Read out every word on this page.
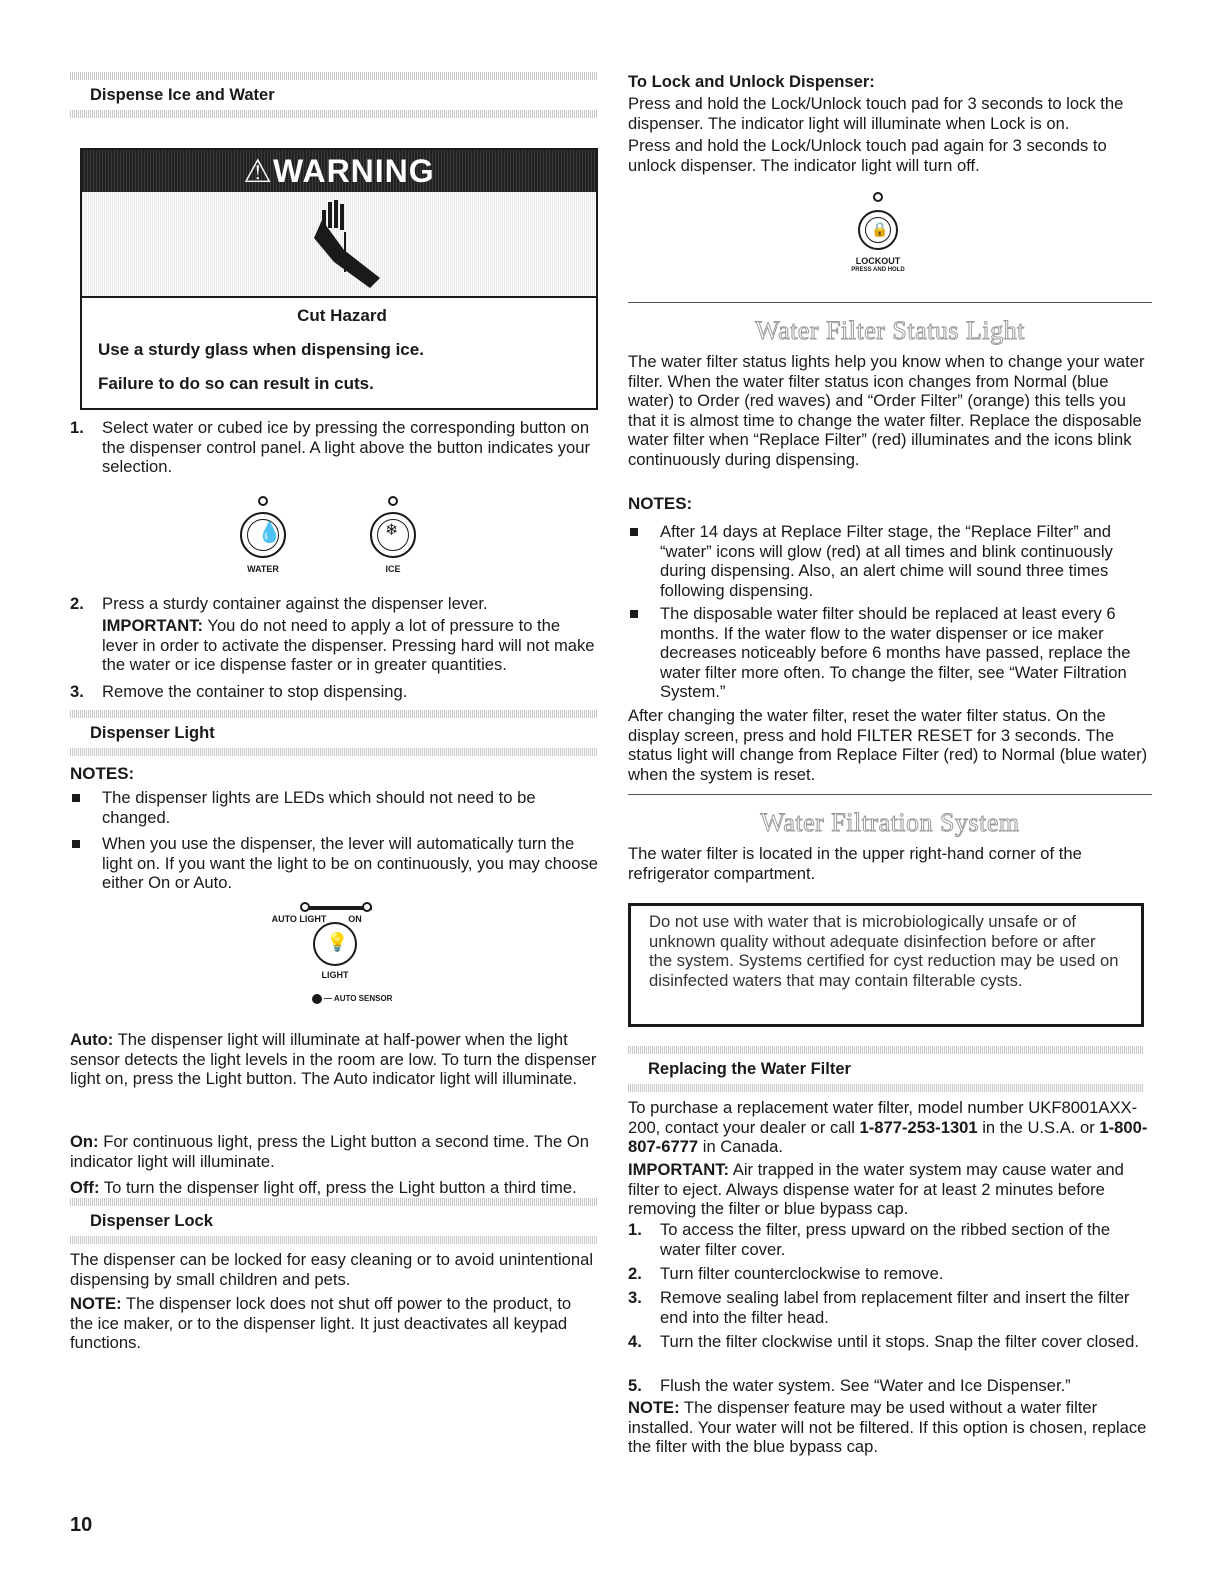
Dispense Ice and Water
⚠WARNING
Cut Hazard
Use a sturdy glass when dispensing ice.
Failure to do so can result in cuts.
1. Select water or cubed ice by pressing the corresponding button on the dispenser control panel. A light above the button indicates your selection.
💧
WATER
❄
ICE
2. Press a sturdy container against the dispenser lever.
IMPORTANT: You do not need to apply a lot of pressure to the lever in order to activate the dispenser. Pressing hard will not make the water or ice dispense faster or in greater quantities.
3. Remove the container to stop dispensing.
Dispenser Light
NOTES:
The dispenser lights are LEDs which should not need to be changed.
When you use the dispenser, the lever will automatically turn the light on. If you want the light to be on continuously, you may choose either On or Auto.
AUTO LIGHT	ON
💡
LIGHT
— AUTO SENSOR
Auto: The dispenser light will illuminate at half-power when the light sensor detects the light levels in the room are low. To turn the dispenser light on, press the Light button. The Auto indicator light will illuminate.
On: For continuous light, press the Light button a second time. The On indicator light will illuminate.
Off: To turn the dispenser light off, press the Light button a third time.
Dispenser Lock
The dispenser can be locked for easy cleaning or to avoid unintentional dispensing by small children and pets.
NOTE: The dispenser lock does not shut off power to the product, to the ice maker, or to the dispenser light. It just deactivates all keypad functions.
10
To Lock and Unlock Dispenser:
Press and hold the Lock/Unlock touch pad for 3 seconds to lock the dispenser. The indicator light will illuminate when Lock is on.
Press and hold the Lock/Unlock touch pad again for 3 seconds to unlock dispenser. The indicator light will turn off.
🔒
LOCKOUT
PRESS AND HOLD
Water Filter Status Light
The water filter status lights help you know when to change your water filter. When the water filter status icon changes from Normal (blue water) to Order (red waves) and “Order Filter” (orange) this tells you that it is almost time to change the water filter. Replace the disposable water filter when “Replace Filter” (red) illuminates and the icons blink continuously during dispensing.
NOTES:
After 14 days at Replace Filter stage, the “Replace Filter” and “water” icons will glow (red) at all times and blink continuously during dispensing. Also, an alert chime will sound three times following dispensing.
The disposable water filter should be replaced at least every 6 months. If the water flow to the water dispenser or ice maker decreases noticeably before 6 months have passed, replace the water filter more often. To change the filter, see “Water Filtration System.”
After changing the water filter, reset the water filter status. On the display screen, press and hold FILTER RESET for 3 seconds. The status light will change from Replace Filter (red) to Normal (blue water) when the system is reset.
Water Filtration System
The water filter is located in the upper right-hand corner of the refrigerator compartment.
Do not use with water that is microbiologically unsafe or of unknown quality without adequate disinfection before or after the system. Systems certified for cyst reduction may be used on disinfected waters that may contain filterable cysts.
Replacing the Water Filter
To purchase a replacement water filter, model number UKF8001AXX-200, contact your dealer or call 1-877-253-1301 in the U.S.A. or 1-800-807-6777 in Canada.
IMPORTANT: Air trapped in the water system may cause water and filter to eject. Always dispense water for at least 2 minutes before removing the filter or blue bypass cap.
1. To access the filter, press upward on the ribbed section of the water filter cover.
2. Turn filter counterclockwise to remove.
3. Remove sealing label from replacement filter and insert the filter end into the filter head.
4. Turn the filter clockwise until it stops. Snap the filter cover closed.
5. Flush the water system. See “Water and Ice Dispenser.”
NOTE: The dispenser feature may be used without a water filter installed. Your water will not be filtered. If this option is chosen, replace the filter with the blue bypass cap.
